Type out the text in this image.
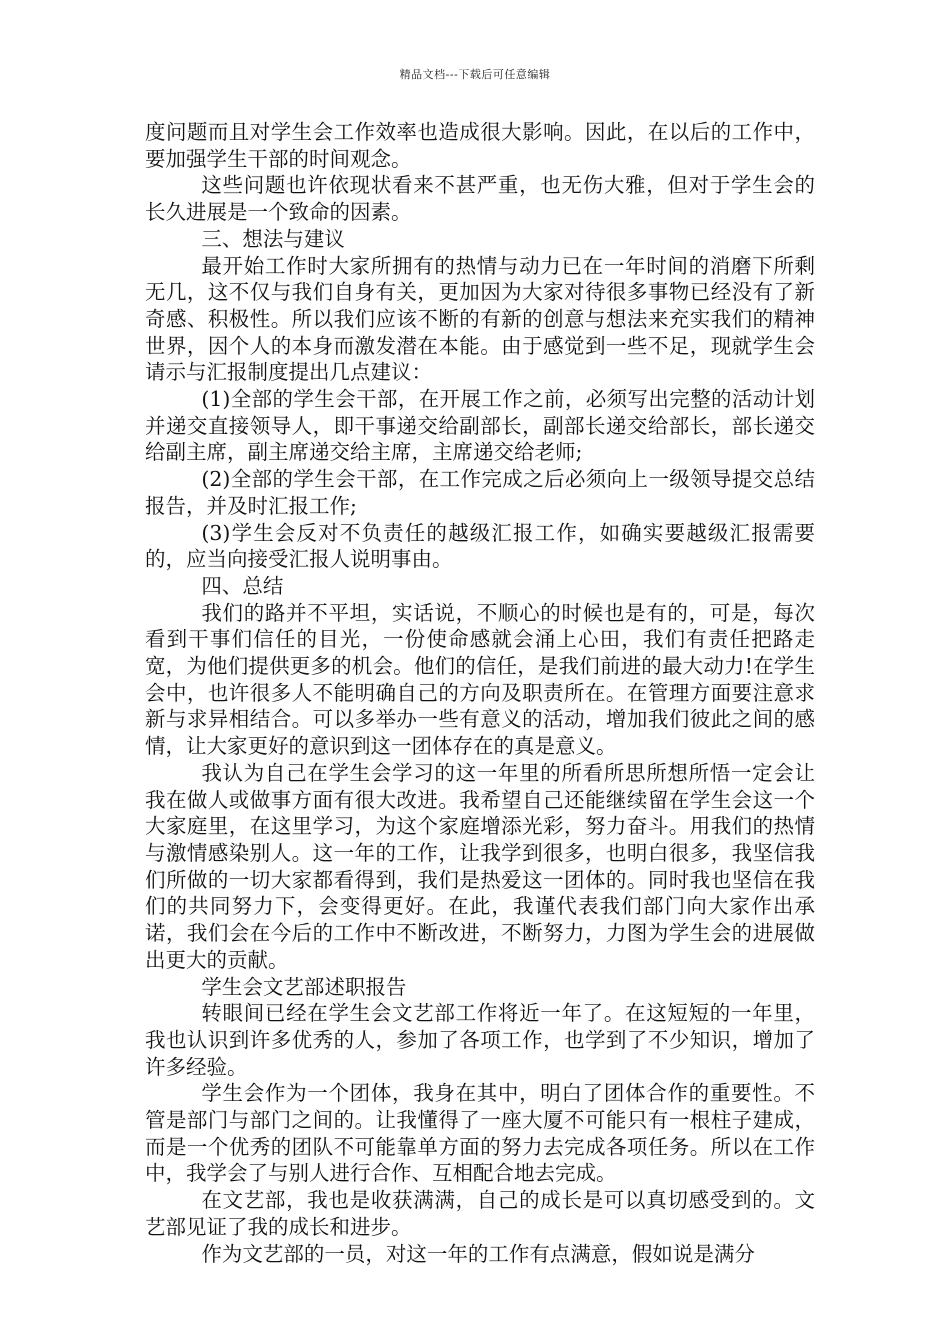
精品文档---下载后可任意编辑

度问题而且对学生会工作效率也造成很大影响。因此，在以后的工作中，要加强学生干部的时间观念。

这些问题也许依现状看来不甚严重，也无伤大雅，但对于学生会的长久进展是一个致命的因素。

三、想法与建议

最开始工作时大家所拥有的热情与动力已在一年时间的消磨下所剩无几，这不仅与我们自身有关，更加因为大家对待很多事物已经没有了新奇感、积极性。所以我们应该不断的有新的创意与想法来充实我们的精神世界，因个人的本身而激发潜在本能。由于感觉到一些不足，现就学生会请示与汇报制度提出几点建议：

(1)全部的学生会干部，在开展工作之前，必须写出完整的活动计划并递交直接领导人，即干事递交给副部长，副部长递交给部长，部长递交给副主席，副主席递交给主席，主席递交给老师;

(2)全部的学生会干部，在工作完成之后必须向上一级领导提交总结报告，并及时汇报工作;

(3)学生会反对不负责任的越级汇报工作，如确实要越级汇报需要的，应当向接受汇报人说明事由。

四、总结

我们的路并不平坦，实话说，不顺心的时候也是有的，可是，每次看到干事们信任的目光，一份使命感就会涌上心田，我们有责任把路走宽，为他们提供更多的机会。他们的信任，是我们前进的最大动力!在学生会中，也许很多人不能明确自己的方向及职责所在。在管理方面要注意求新与求异相结合。可以多举办一些有意义的活动，增加我们彼此之间的感情，让大家更好的意识到这一团体存在的真是意义。

我认为自己在学生会学习的这一年里的所看所思所想所悟一定会让我在做人或做事方面有很大改进。我希望自己还能继续留在学生会这一个大家庭里，在这里学习，为这个家庭增添光彩，努力奋斗。用我们的热情与激情感染别人。这一年的工作，让我学到很多，也明白很多，我坚信我们所做的一切大家都看得到，我们是热爱这一团体的。同时我也坚信在我们的共同努力下，会变得更好。在此，我谨代表我们部门向大家作出承诺，我们会在今后的工作中不断改进，不断努力，力图为学生会的进展做出更大的贡献。

学生会文艺部述职报告

转眼间已经在学生会文艺部工作将近一年了。在这短短的一年里，我也认识到许多优秀的人，参加了各项工作，也学到了不少知识，增加了许多经验。

学生会作为一个团体，我身在其中，明白了团体合作的重要性。不管是部门与部门之间的。让我懂得了一座大厦不可能只有一根柱子建成，而是一个优秀的团队不可能靠单方面的努力去完成各项任务。所以在工作中，我学会了与别人进行合作、互相配合地去完成。

在文艺部，我也是收获满满，自己的成长是可以真切感受到的。文艺部见证了我的成长和进步。

作为文艺部的一员，对这一年的工作有点满意，假如说是满分
